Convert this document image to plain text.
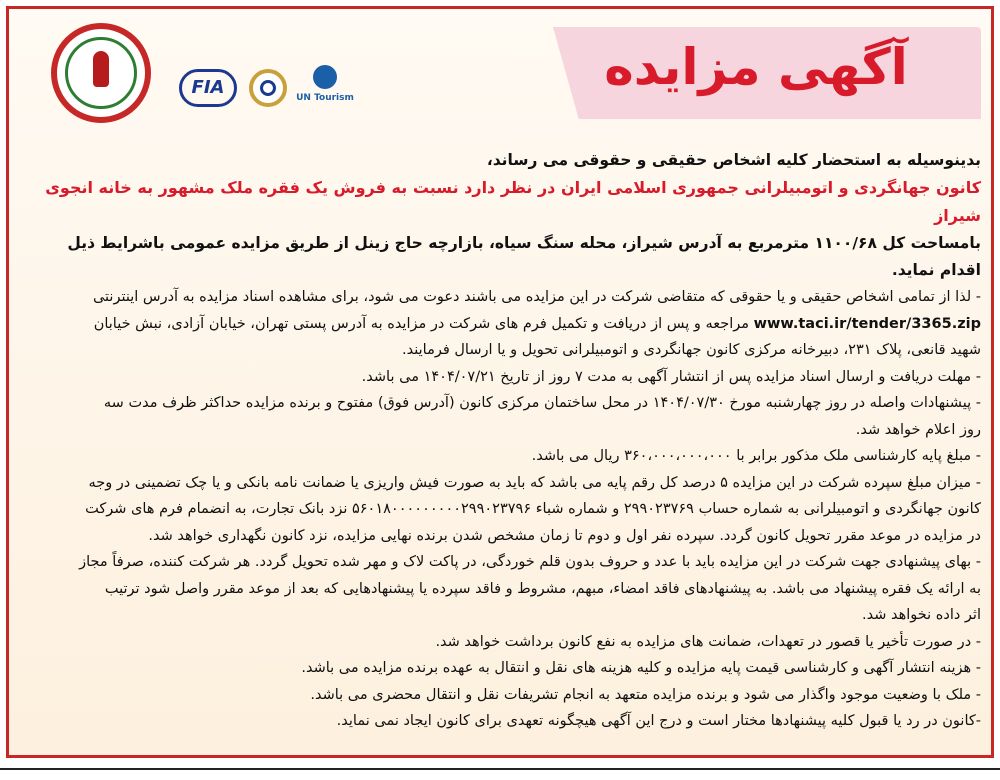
FIA	UN Tourism
آگهی مزایده

بدینوسیله به استحضار کلیه اشخاص حقیقی و حقوقی می رساند،

کانون جهانگردی و اتومبیلرانی جمهوری اسلامی ایران در نظر دارد نسبت به فروش یک فقره ملک مشهور به خانه انجوی شیراز

بامساحت کل ۱۱۰۰/۶۸ مترمربع به آدرس شیراز، محله سنگ سیاه، بازارچه حاج زینل از طریق مزایده عمومی باشرایط ذیل اقدام نماید.

- لذا از تمامی اشخاص حقیقی و یا حقوقی که متقاضی شرکت در این مزایده می باشند دعوت می شود، برای مشاهده اسناد مزایده به آدرس اینترنتی
www.taci.ir/tender/3365.zip مراجعه و پس از دریافت و تکمیل فرم های شرکت در مزایده به آدرس پستی تهران، خیابان آزادی، نبش خیابان
شهید قانعی، پلاک ۲۳۱، دبیرخانه مرکزی کانون جهانگردی و اتومبیلرانی تحویل و یا ارسال فرمایند.

- مهلت دریافت و ارسال اسناد مزایده پس از انتشار آگهی به مدت ۷ روز از تاریخ ۱۴۰۴/۰۷/۲۱ می باشد.

- پیشنهادات واصله در روز چهارشنبه مورخ ۱۴۰۴/۰۷/۳۰ در محل ساختمان مرکزی کانون (آدرس فوق) مفتوح و برنده مزایده حداکثر ظرف مدت سه
روز اعلام خواهد شد.

- مبلغ پایه کارشناسی ملک مذکور برابر با ۳۶۰،۰۰۰،۰۰۰،۰۰۰ ریال می باشد.

- میزان مبلغ سپرده شرکت در این مزایده ۵ درصد کل رقم پایه می باشد که باید به صورت فیش واریزی یا ضمانت نامه بانکی و یا چک تضمینی در وجه
کانون جهانگردی و اتومبیلرانی به شماره حساب ۲۹۹۰۲۳۷۶۹ و شماره شباء ۵۶۰۱۸۰۰۰۰۰۰۰۰۰۲۹۹۰۲۳۷۹۶ نزد بانک تجارت، به انضمام فرم های شرکت
در مزایده در موعد مقرر تحویل کانون گردد. سپرده نفر اول و دوم تا زمان مشخص شدن برنده نهایی مزایده، نزد کانون نگهداری خواهد شد.

- بهای پیشنهادی جهت شرکت در این مزایده باید با عدد و حروف بدون قلم خوردگی، در پاکت لاک و مهر شده تحویل گردد. هر شرکت کننده، صرفاً مجاز
به ارائه یک فقره پیشنهاد می باشد. به پیشنهادهای فاقد امضاء، مبهم، مشروط و فاقد سپرده یا پیشنهادهایی که بعد از موعد مقرر واصل شود ترتیب
اثر داده نخواهد شد.

- در صورت تأخیر یا قصور در تعهدات، ضمانت های مزایده به نفع کانون برداشت خواهد شد.

- هزینه انتشار آگهی و کارشناسی قیمت پایه مزایده و کلیه هزینه های نقل و انتقال به عهده برنده مزایده می باشد.

- ملک با وضعیت موجود واگذار می شود و برنده مزایده متعهد به انجام تشریفات نقل و انتقال محضری می باشد.

-کانون در رد یا قبول کلیه پیشنهادها مختار است و درج این آگهی هیچگونه تعهدی برای کانون ایجاد نمی نماید.
